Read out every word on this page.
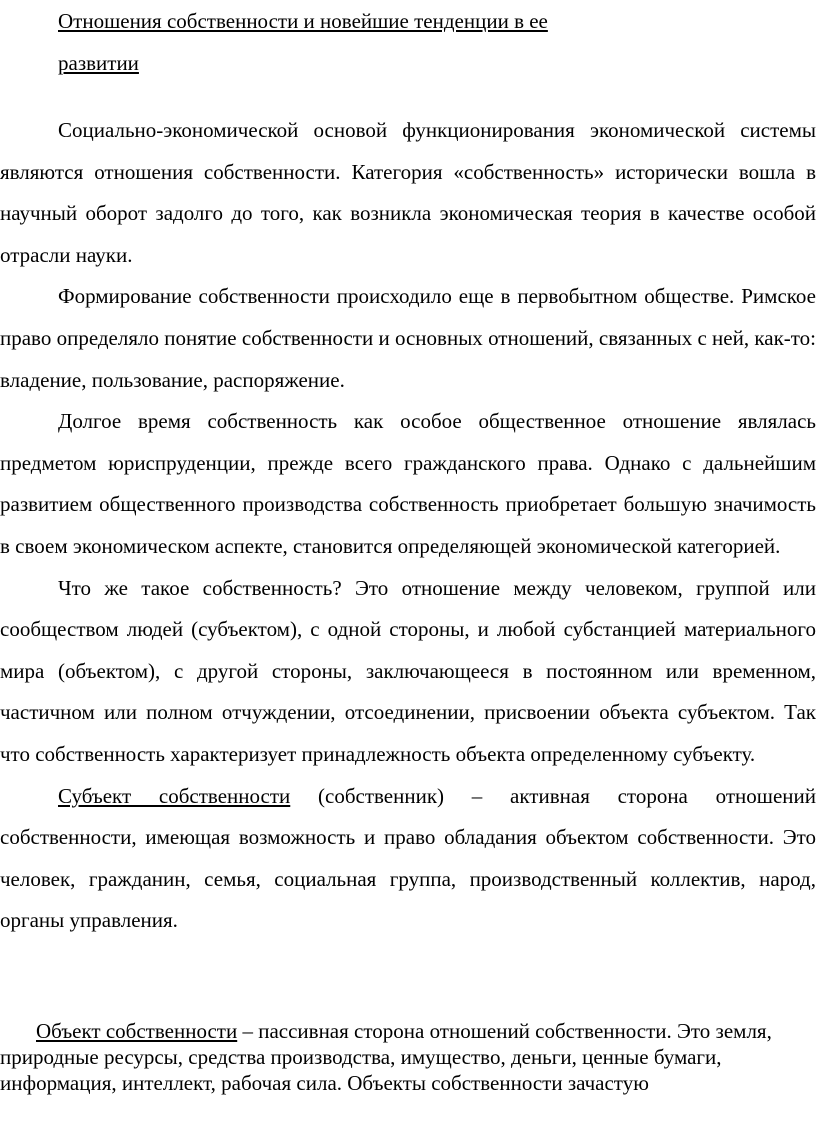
Отношения собственности и новейшие тенденции в ее
развитии

Социально-экономической основой функционирования экономической системы являются отношения собственности. Категория «собственность» исторически вошла в научный оборот задолго до того, как возникла экономическая теория в качестве особой отрасли науки.

Формирование собственности происходило еще в первобытном обществе. Римское право определяло понятие собственности и основных отношений, связанных с ней, как-то: владение, пользование, распоряжение.

Долгое время собственность как особое общественное отношение являлась предметом юриспруденции, прежде всего гражданского права. Однако с дальнейшим развитием общественного производства собственность приобретает большую значимость в своем экономическом аспекте, становится определяющей экономической категорией.

Что же такое собственность? Это отношение между человеком, группой или сообществом людей (субъектом), с одной стороны, и любой субстанцией материального мира (объектом), с другой стороны, заключающееся в постоянном или временном, частичном или полном отчуждении, отсоединении, присвоении объекта субъектом. Так что собственность характеризует принадлежность объекта определенному субъекту.

Субъект собственности (собственник) – активная сторона отношений собственности, имеющая возможность и право обладания объектом собственности. Это человек, гражданин, семья, социальная группа, производственный коллектив, народ, органы управления.

Объект собственности – пассивная сторона отношений собственности. Это земля, природные ресурсы, средства производства, имущество, деньги, ценные бумаги, информация, интеллект, рабочая сила. Объекты собственности зачастую
